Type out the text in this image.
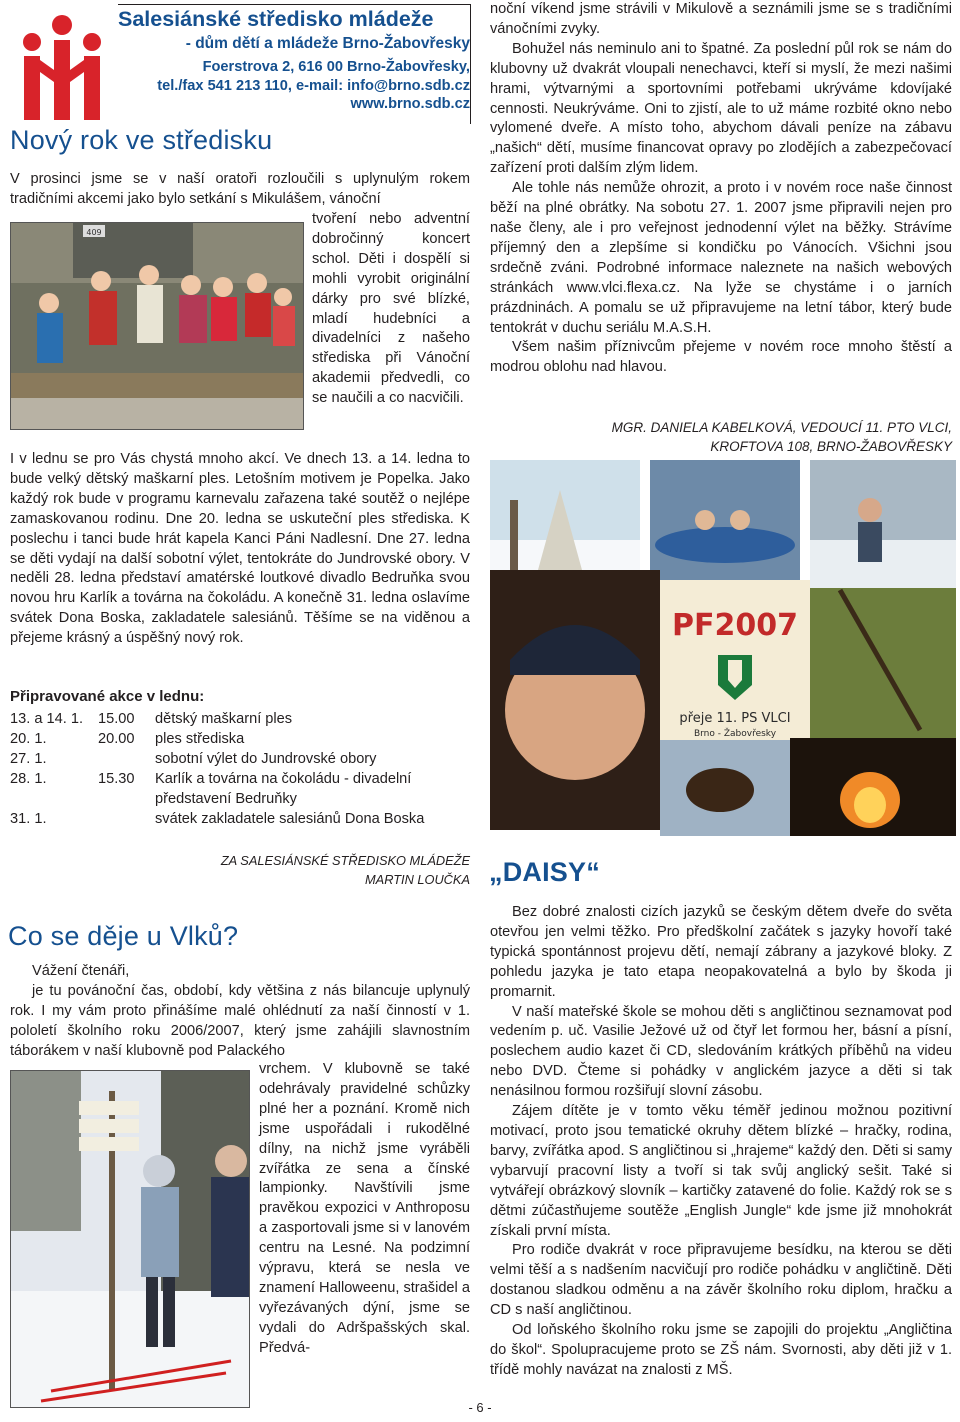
Salesiánské středisko mládeže
- dům dětí a mládeže Brno-Žabovřesky
Foerstrova 2, 616 00 Brno-Žabovřesky,
tel./fax 541 213 110, e-mail: info@brno.sdb.cz
www.brno.sdb.cz
Nový rok ve středisku
V prosinci jsme se v naší oratoři rozloučili s uplynulým rokem tradičními akcemi jako bylo setkání s Mikulášem, vánoční
409
tvoření nebo adventní dobročinný koncert schol. Děti i dospělí si mohli vyrobit originální dárky pro své blízké, mladí hudebníci a divadelníci z našeho střediska při Vánoční akademii předvedli, co se naučili a co nacvičili.
I v lednu se pro Vás chystá mnoho akcí. Ve dnech 13. a 14. ledna to bude velký dětský maškarní ples. Letošním motivem je Popelka. Jako každý rok bude v programu karnevalu zařazena také soutěž o nejlépe zamaskovanou rodinu. Dne 20. ledna se uskuteční ples střediska. K poslechu i tanci bude hrát kapela Kanci Páni Nadlesní. Dne 27. ledna se děti vydají na další sobotní výlet, tentokráte do Jundrovské obory. V neděli 28. ledna představí amatérské loutkové divadlo Bedruňka svou novou hru Karlík a továrna na čokoládu. A konečně 31. ledna oslavíme svátek Dona Boska, zakladatele salesiánů. Těšíme se na viděnou a přejeme krásný a úspěšný nový rok.
Připravované akce v lednu:
13. a 14. 1.	15.00	dětský maškarní ples
20. 1.	20.00	ples střediska
27. 1.		sobotní výlet do Jundrovské obory
28. 1.	15.30	Karlík a továrna na čokoládu - divadelní představení Bedruňky
31. 1.		svátek zakladatele salesiánů Dona Boska
ZA SALESIÁNSKÉ STŘEDISKO MLÁDEŽE
MARTIN LOUČKA
Co se děje u Vlků?

Vážení čtenáři,

je tu povánoční čas, období, kdy většina z nás bilancuje uplynulý rok. I my vám proto přinášíme malé ohlédnutí za naší činností v 1. pololetí školního roku 2006/2007, který jsme zahájili slavnostním táborákem v naší klubovně pod Palackého

vrchem. V klubovně se také odehrávaly pravidelné schůzky plné her a poznání. Kromě nich jsme uspořádali i rukodělné dílny, na nichž jsme vyráběli zvířátka ze sena a čínské lampionky. Navštívili jsme pravěkou expozici v Anthroposu a zasportovali jsme si v lanovém centru na Lesné. Na podzimní výpravu, která se nesla ve znamení Halloweenu, strašidel a vyřezávaných dýní, jsme se vydali do Adršpašských skal. Předvá-

noční víkend jsme strávili v Mikulově a seznámili jsme se s tradičními vánočními zvyky.

Bohužel nás neminulo ani to špatné. Za poslední půl rok se nám do klubovny už dvakrát vloupali nenechavci, kteří si myslí, že mezi našimi hrami, výtvarnými a sportovními potřebami ukrýváme kdovíjaké cennosti. Neukrýváme. Oni to zjistí, ale to už máme rozbité okno nebo vylomené dveře. A místo toho, abychom dávali peníze na zábavu „našich“ dětí, musíme financovat opravy po zlodějích a zabezpečovací zařízení proti dalším zlým lidem.

Ale tohle nás nemůže ohrozit, a proto i v novém roce naše činnost běží na plné obrátky. Na sobotu 27. 1. 2007 jsme připravili nejen pro naše členy, ale i pro veřejnost jednodenní výlet na běžky. Strávíme příjemný den a zlepšíme si kondičku po Vánocích. Všichni jsou srdečně zváni. Podrobné informace naleznete na našich webových stránkách www.vlci.flexa.cz. Na lyže se chystáme i o jarních prázdninách. A pomalu se už připravujeme na letní tábor, který bude tentokrát v duchu seriálu M.A.S.H.

Všem našim příznivcům přejeme v novém roce mnoho štěstí a modrou oblohu nad hlavou.

MGR. DANIELA KABELKOVÁ, VEDOUCÍ 11. PTO VLCI,
KROFTOVA 108, BRNO-ŽABOVŘESKY
PF2007
přeje 11. PS VLCI
Brno - Žabovřesky
„DAISY“

Bez dobré znalosti cizích jazyků se českým dětem dveře do světa otevřou jen velmi těžko. Pro předškolní začátek s jazyky hovoří také typická spontánnost projevu dětí, nemají zábrany a jazykové bloky. Z pohledu jazyka je tato etapa neopakovatelná a bylo by škoda ji promarnit.

V naší mateřské škole se mohou děti s angličtinou seznamovat pod vedením p. uč. Vasilie Ježové už od čtyř let formou her, básní a písní, poslechem audio kazet či CD, sledováním krátkých příběhů na videu nebo DVD. Čteme si pohádky v anglickém jazyce a děti si tak nenásilnou formou rozšiřují slovní zásobu.

Zájem dítěte je v tomto věku téměř jedinou možnou pozitivní motivací, proto jsou tematické okruhy dětem blízké – hračky, rodina, barvy, zvířátka apod. S angličtinou si „hrajeme“ každý den. Děti si samy vybarvují pracovní listy a tvoří si tak svůj anglický sešit. Také si vytvářejí obrázkový slovník – kartičky zatavené do folie. Každý rok se s dětmi zúčastňujeme soutěže „English Jungle“ kde jsme již mnohokrát získali první místa.

Pro rodiče dvakrát v roce připravujeme besídku, na kterou se děti velmi těší a s nadšením nacvičují pro rodiče pohádku v angličtině. Děti dostanou sladkou odměnu a na závěr školního roku diplom, hračku a CD s naší angličtinou.

Od loňského školního roku jsme se zapojili do projektu „Angličtina do škol“. Spolupracujeme proto se ZŠ nám. Svornosti, aby děti již v 1. třídě mohly navázat na znalosti z MŠ.

- 6 -
